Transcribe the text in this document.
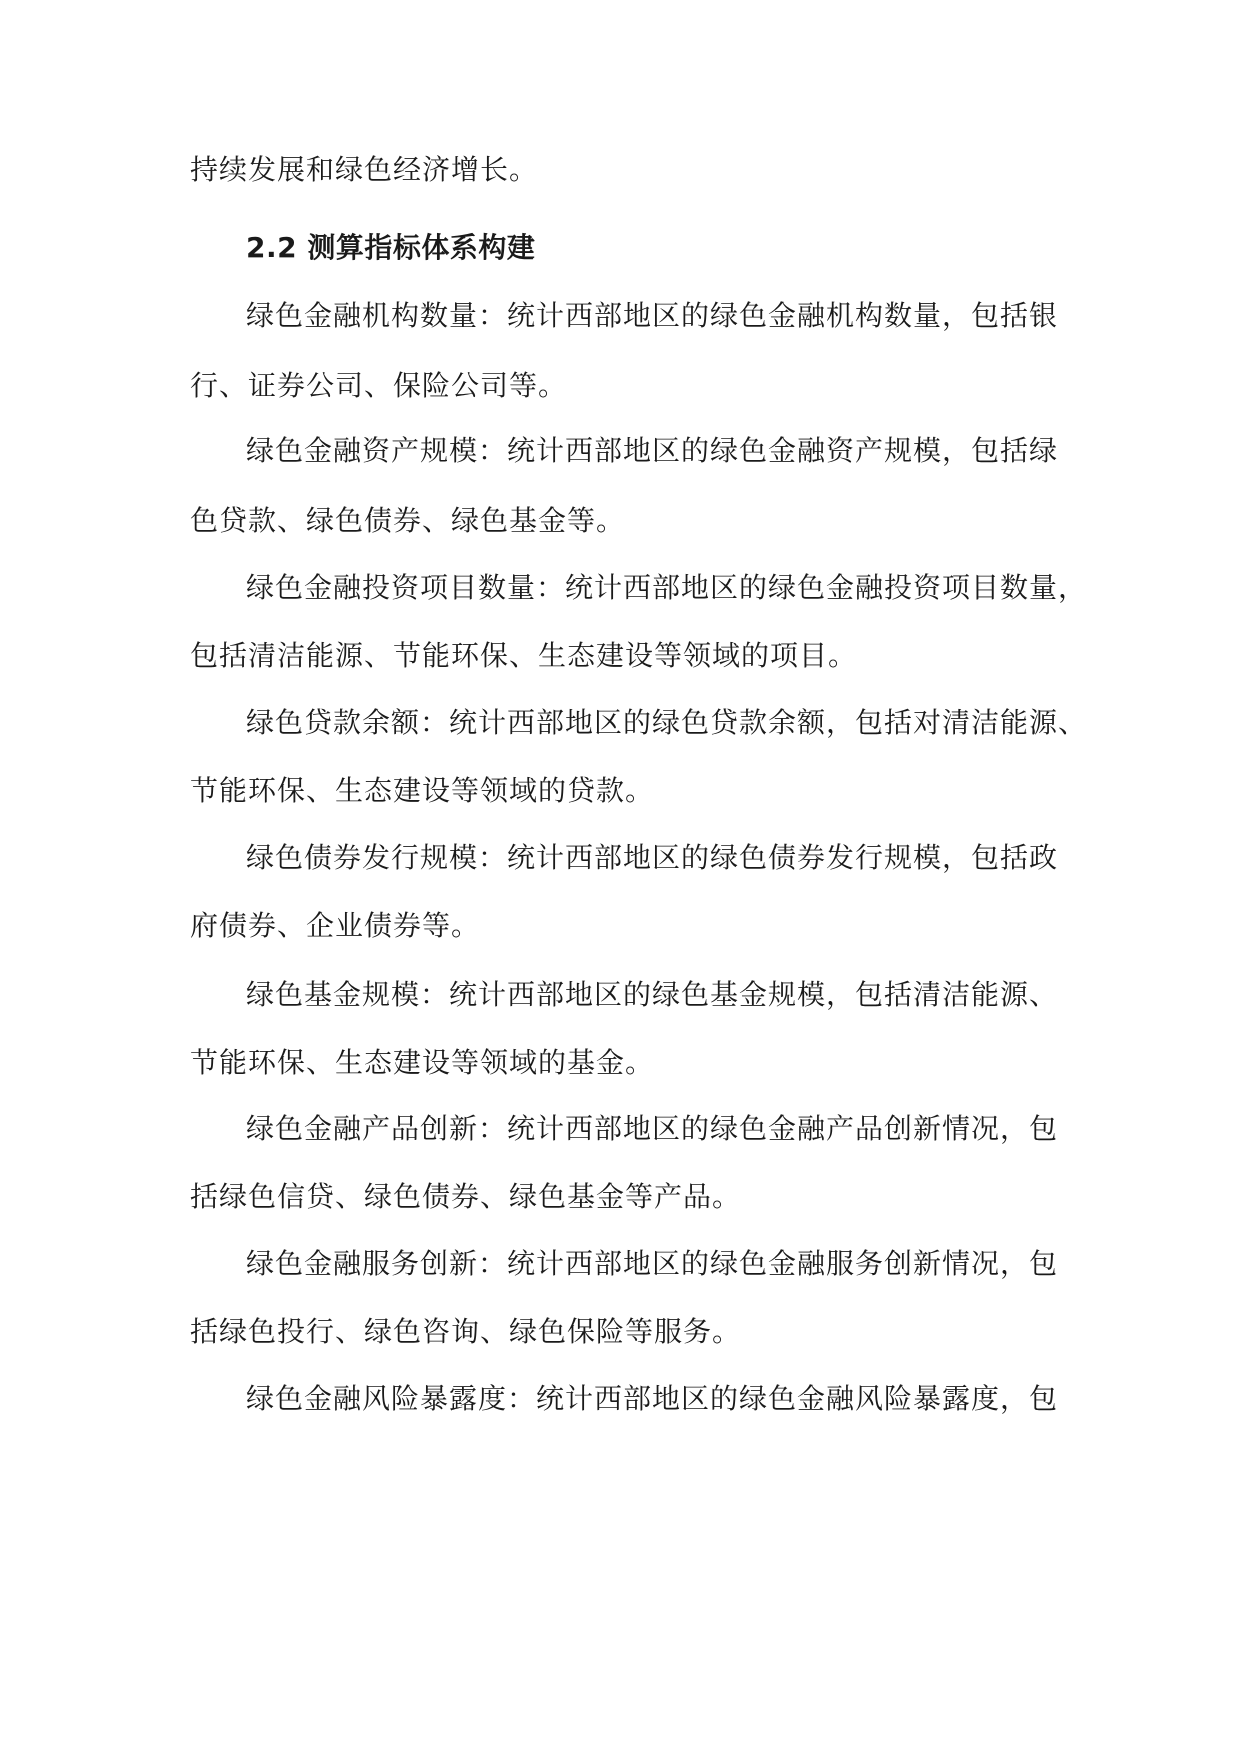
持续发展和绿色经济增长。

2.2 测算指标体系构建

绿色金融机构数量：统计西部地区的绿色金融机构数量，包括银

行、证券公司、保险公司等。

绿色金融资产规模：统计西部地区的绿色金融资产规模，包括绿

色贷款、绿色债券、绿色基金等。

绿色金融投资项目数量：统计西部地区的绿色金融投资项目数量，

包括清洁能源、节能环保、生态建设等领域的项目。

绿色贷款余额：统计西部地区的绿色贷款余额，包括对清洁能源、

节能环保、生态建设等领域的贷款。

绿色债券发行规模：统计西部地区的绿色债券发行规模，包括政

府债券、企业债券等。

绿色基金规模：统计西部地区的绿色基金规模，包括清洁能源、

节能环保、生态建设等领域的基金。

绿色金融产品创新：统计西部地区的绿色金融产品创新情况，包

括绿色信贷、绿色债券、绿色基金等产品。

绿色金融服务创新：统计西部地区的绿色金融服务创新情况，包

括绿色投行、绿色咨询、绿色保险等服务。

绿色金融风险暴露度：统计西部地区的绿色金融风险暴露度，包
